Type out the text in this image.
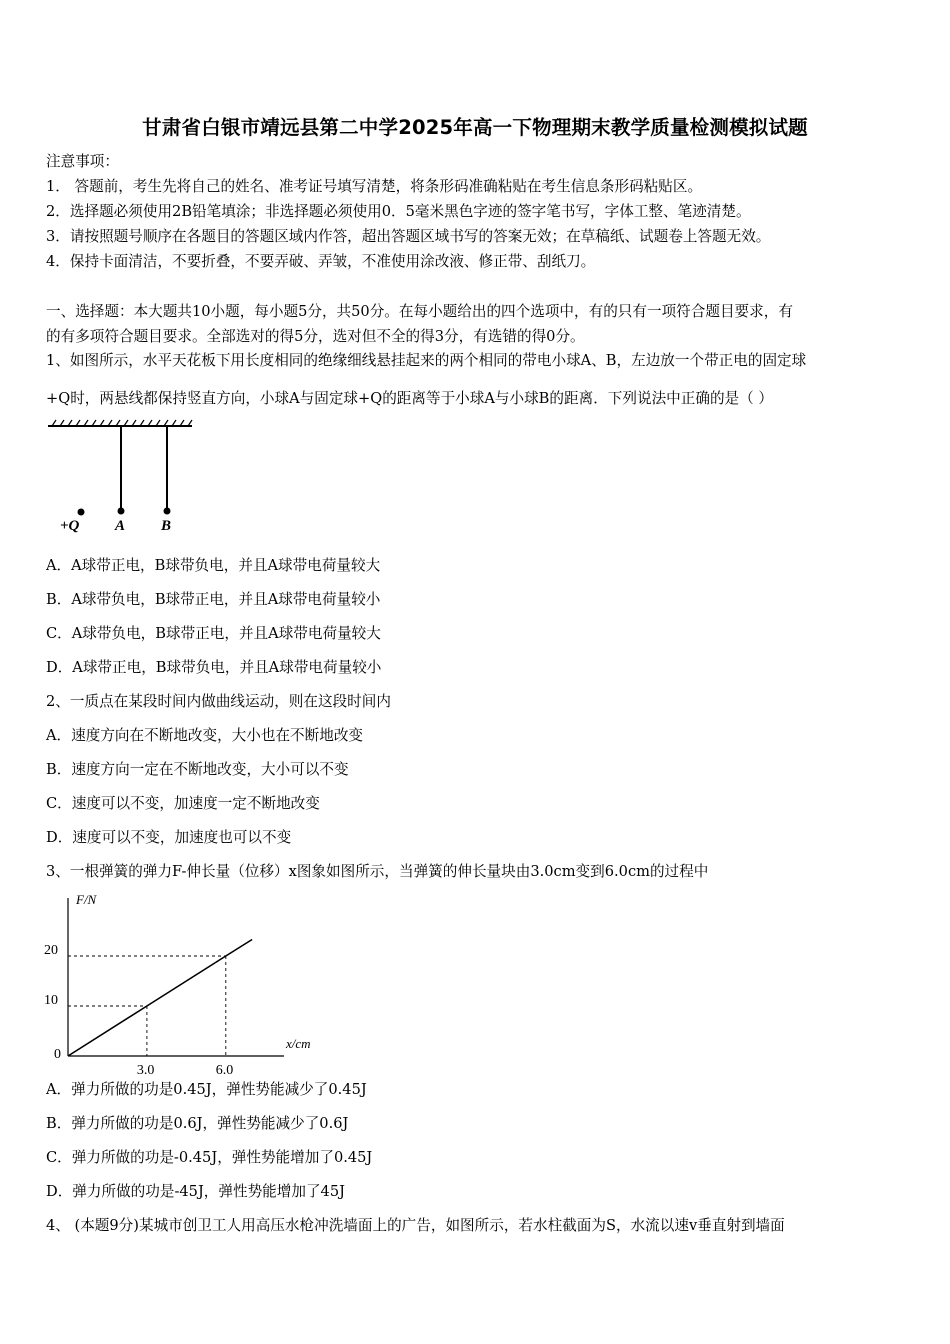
甘肃省白银市靖远县第二中学2025年高一下物理期末教学质量检测模拟试题
注意事项：
1． 答题前，考生先将自己的姓名、准考证号填写清楚，将条形码准确粘贴在考生信息条形码粘贴区。
2．选择题必须使用2B铅笔填涂；非选择题必须使用0．5毫米黑色字迹的签字笔书写，字体工整、笔迹清楚。
3．请按照题号顺序在各题目的答题区域内作答，超出答题区域书写的答案无效；在草稿纸、试题卷上答题无效。
4．保持卡面清洁，不要折叠，不要弄破、弄皱，不准使用涂改液、修正带、刮纸刀。
一、选择题：本大题共10小题，每小题5分，共50分。在每小题给出的四个选项中，有的只有一项符合题目要求，有
的有多项符合题目要求。全部选对的得5分，选对但不全的得3分，有选错的得0分。
1、如图所示，水平天花板下用长度相同的绝缘细线悬挂起来的两个相同的带电小球A、B，左边放一个带正电的固定球
+Q时，两悬线都保持竖直方向，小球A与固定球+Q的距离等于小球A与小球B的距离．下列说法中正确的是（ ）
+Q A B
A．A球带正电，B球带负电，并且A球带电荷量较大
B．A球带负电，B球带正电，并且A球带电荷量较小
C．A球带负电，B球带正电，并且A球带电荷量较大
D．A球带正电，B球带负电，并且A球带电荷量较小
2、一质点在某段时间内做曲线运动，则在这段时间内
A．速度方向在不断地改变，大小也在不断地改变
B．速度方向一定在不断地改变，大小可以不变
C．速度可以不变，加速度一定不断地改变
D．速度可以不变，加速度也可以不变
3、一根弹簧的弹力F-伸长量（位移）x图象如图所示，当弹簧的伸长量块由3.0cm变到6.0cm的过程中
F/N
x/cm
0
3.0	6.0
10
20
A．弹力所做的功是0.45J，弹性势能减少了0.45J
B．弹力所做的功是0.6J，弹性势能减少了0.6J
C．弹力所做的功是-0.45J，弹性势能增加了0.45J
D．弹力所做的功是-45J，弹性势能增加了45J
4、 (本题9分)某城市创卫工人用高压水枪冲洗墙面上的广告，如图所示，若水柱截面为S，水流以速v垂直射到墙面
